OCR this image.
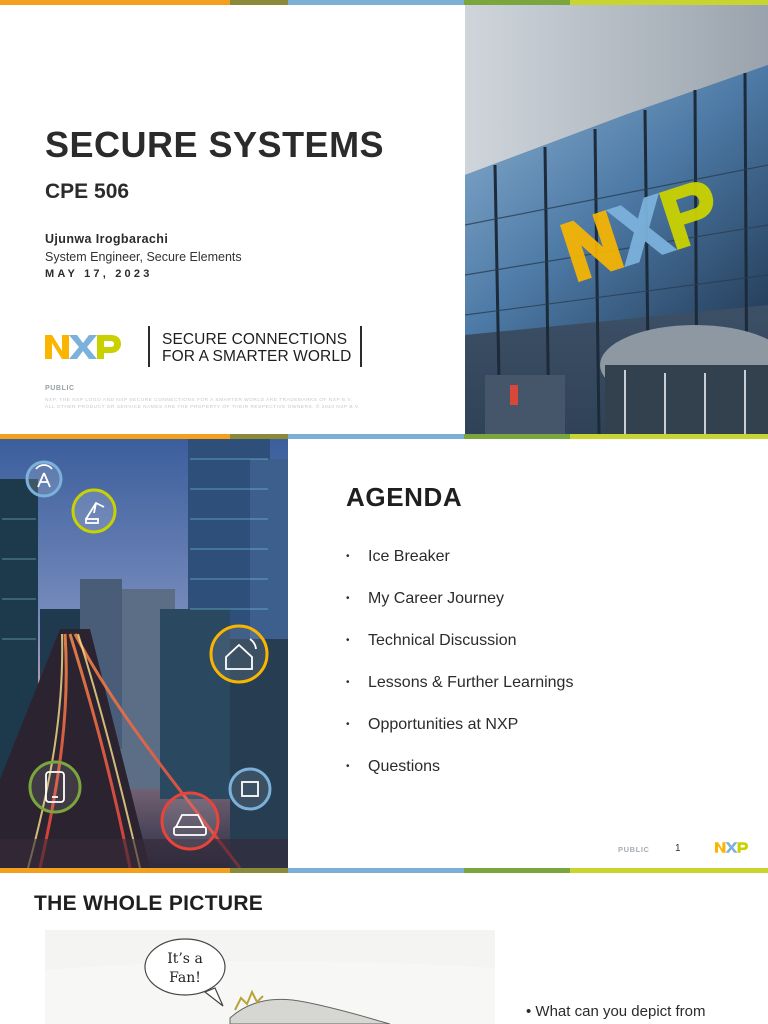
SECURE SYSTEMS
CPE 506
Ujunwa Irogbarachi
System Engineer, Secure Elements
MAY 17, 2023
SECURE CONNECTIONS
FOR A SMARTER WORLD
PUBLIC
NXP, THE NXP LOGO AND NXP SECURE CONNECTIONS FOR A SMARTER WORLD ARE TRADEMARKS OF NXP B.V.
ALL OTHER PRODUCT OR SERVICE NAMES ARE THE PROPERTY OF THEIR RESPECTIVE OWNERS. © 2023 NXP B.V.
AGENDA
• Ice Breaker
• My Career Journey
• Technical Discussion
• Lessons & Further Learnings
• Opportunities at NXP
• Questions
PUBLIC	1
THE WHOLE PICTURE
It’s a
Fan!
• What can you depict from
